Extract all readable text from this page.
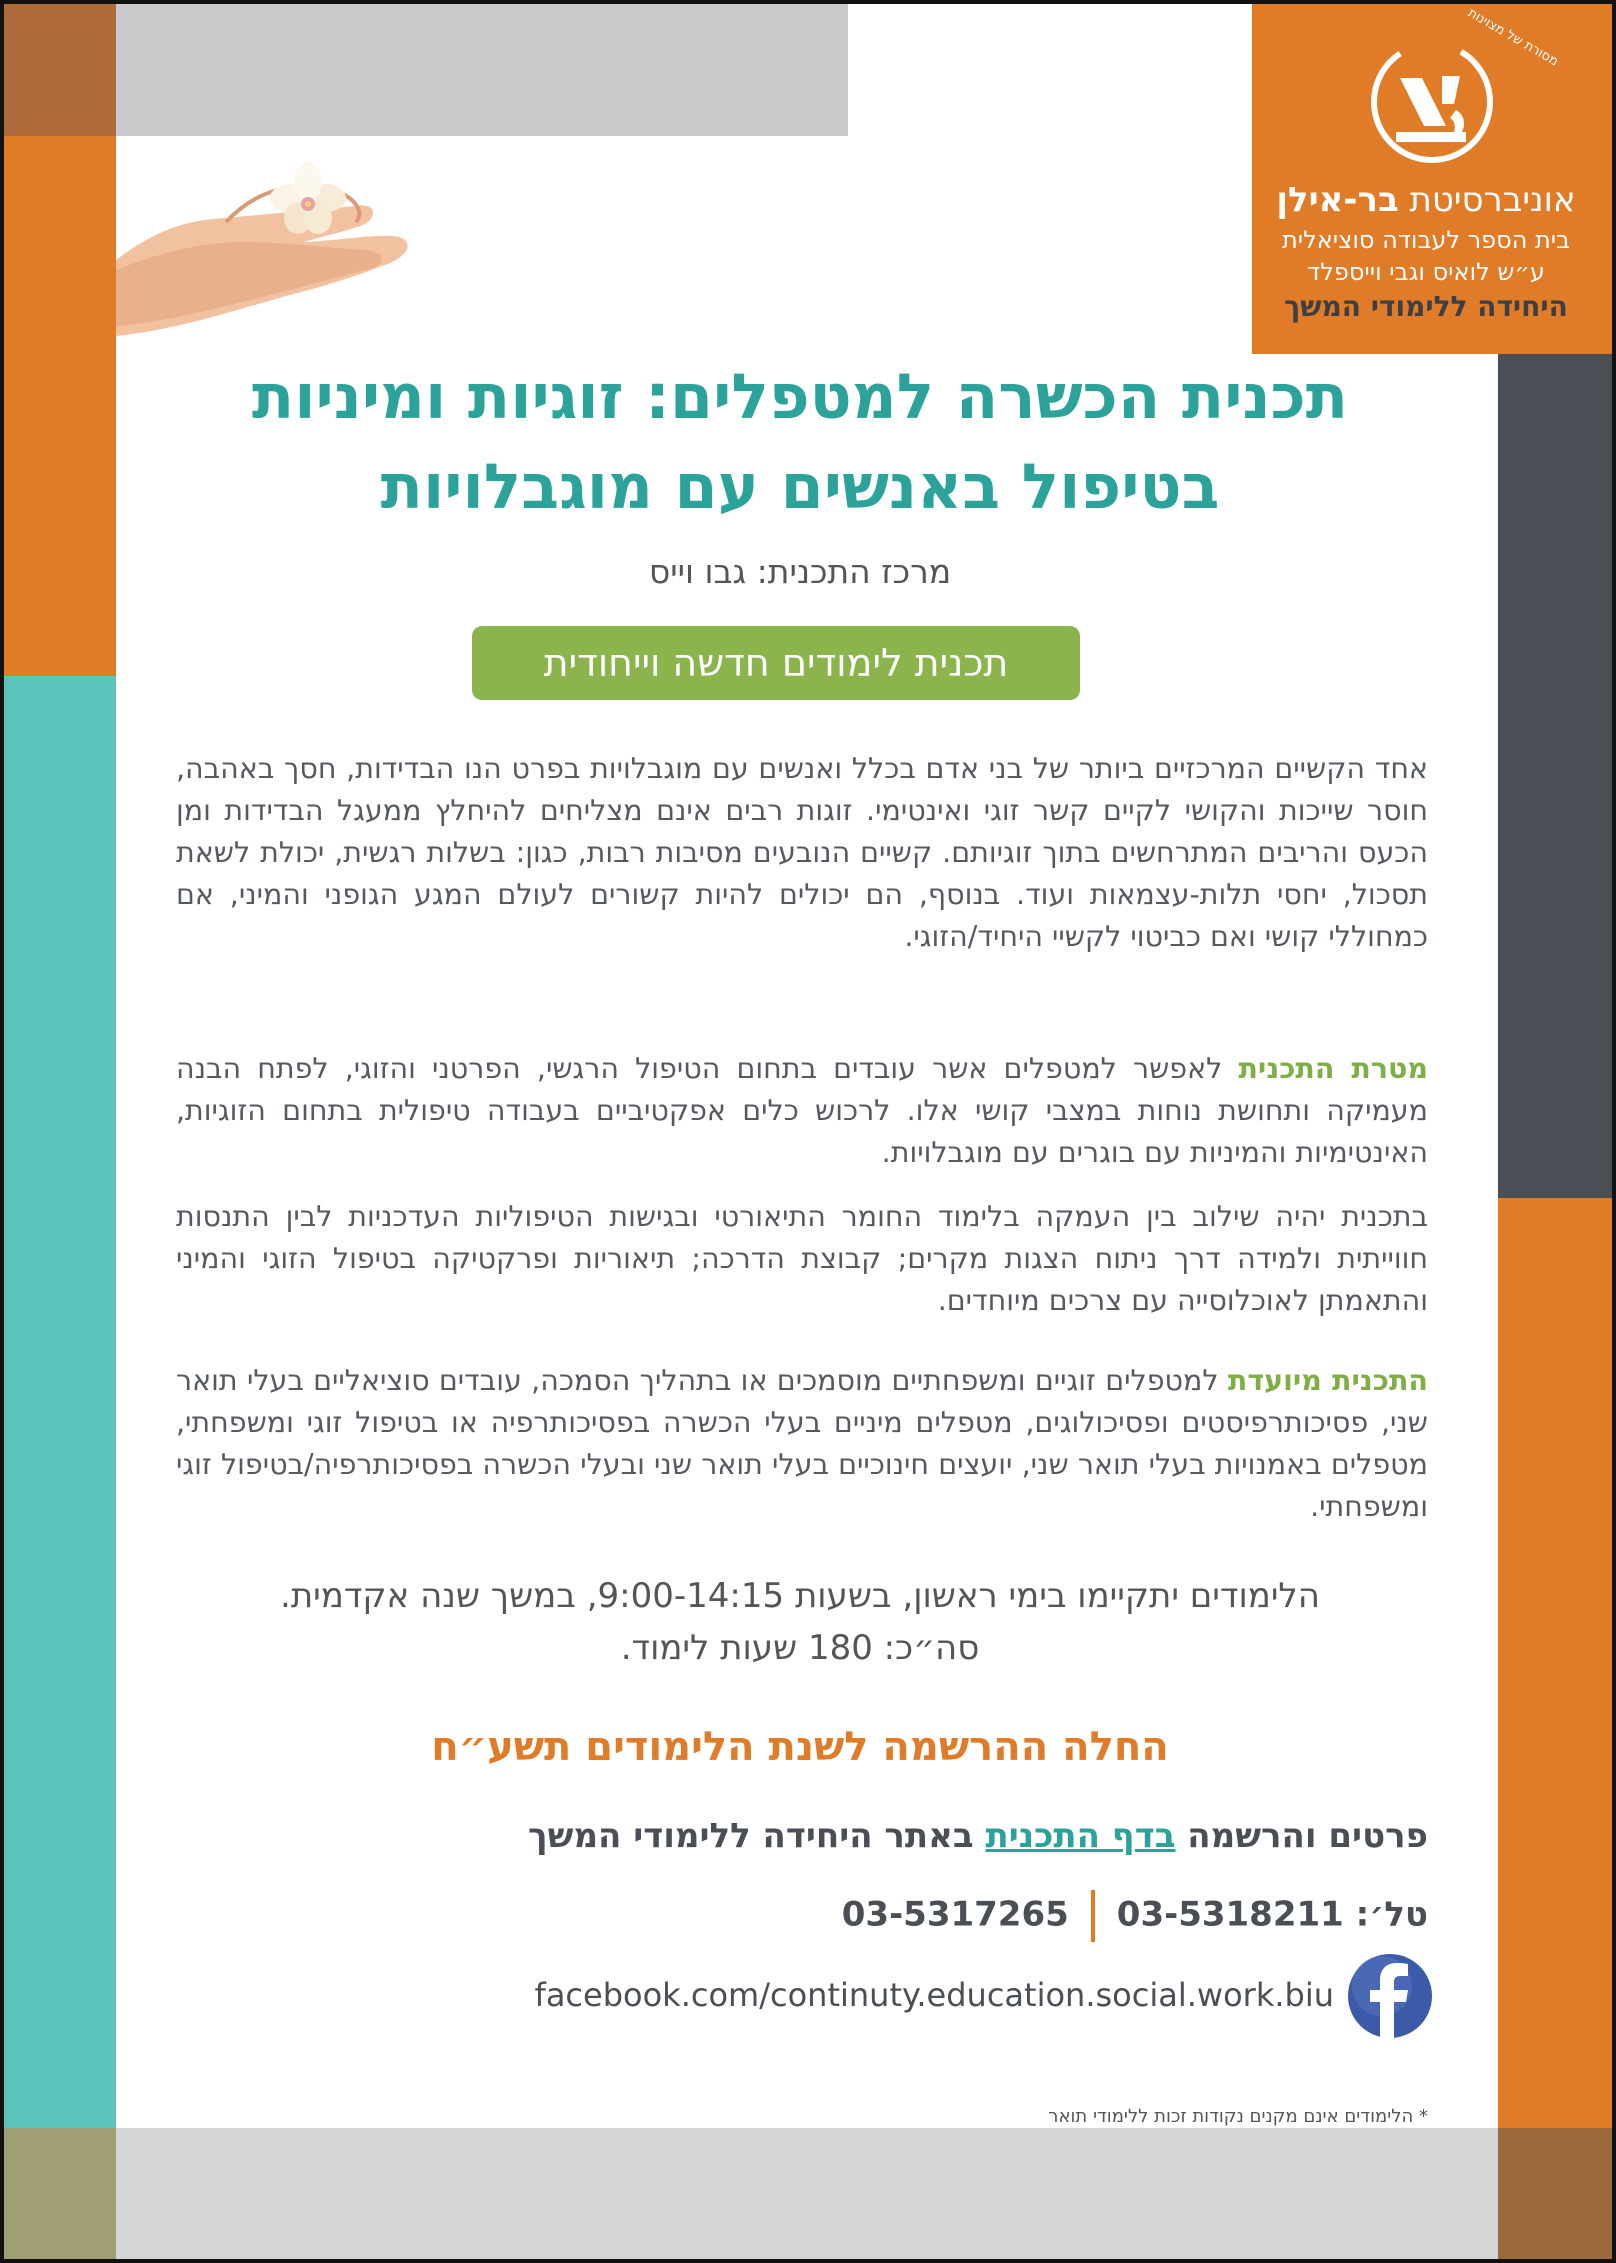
מסורת של מצוינות
אוניברסיטת בר-אילן
בית הספר לעבודה סוציאלית
ע״ש לואיס וגבי וייספלד
היחידה ללימודי המשך
תכנית הכשרה למטפלים: זוגיות ומיניות
בטיפול באנשים עם מוגבלויות
מרכז התכנית: גבו וייס
תכנית לימודים חדשה וייחודית
אחד הקשיים המרכזיים ביותר של בני אדם בכלל ואנשים עם מוגבלויות בפרט הנו הבדידות, חסך באהבה, חוסר שייכות והקושי לקיים קשר זוגי ואינטימי. זוגות רבים אינם מצליחים להיחלץ ממעגל הבדידות ומן הכעס והריבים המתרחשים בתוך זוגיותם. קשיים הנובעים מסיבות רבות, כגון: בשלות רגשית, יכולת לשאת תסכול, יחסי תלות-עצמאות ועוד. בנוסף, הם יכולים להיות קשורים לעולם המגע הגופני והמיני, אם כמחוללי קושי ואם כביטוי לקשיי היחיד/הזוגי.
מטרת התכנית לאפשר למטפלים אשר עובדים בתחום הטיפול הרגשי, הפרטני והזוגי, לפתח הבנה מעמיקה ותחושת נוחות במצבי קושי אלו. לרכוש כלים אפקטיביים בעבודה טיפולית בתחום הזוגיות, האינטימיות והמיניות עם בוגרים עם מוגבלויות.
בתכנית יהיה שילוב בין העמקה בלימוד החומר התיאורטי ובגישות הטיפוליות העדכניות לבין התנסות חווייתית ולמידה דרך ניתוח הצגות מקרים; קבוצת הדרכה; תיאוריות ופרקטיקה בטיפול הזוגי והמיני והתאמתן לאוכלוסייה עם צרכים מיוחדים.
התכנית מיועדת למטפלים זוגיים ומשפחתיים מוסמכים או בתהליך הסמכה, עובדים סוציאליים בעלי תואר שני, פסיכותרפיסטים ופסיכולוגים, מטפלים מיניים בעלי הכשרה בפסיכותרפיה או בטיפול זוגי ומשפחתי, מטפלים באמנויות בעלי תואר שני, יועצים חינוכיים בעלי תואר שני ובעלי הכשרה בפסיכותרפיה/בטיפול זוגי ומשפחתי.
הלימודים יתקיימו בימי ראשון, בשעות 9:00-14:15, במשך שנה אקדמית.
סה״כ: 180 שעות לימוד.
החלה ההרשמה לשנת הלימודים תשע״ח
פרטים והרשמה בדף התכנית באתר היחידה ללימודי המשך
טל׳: 03-531821103-5317265
facebook.com/continuty.education.social.work.biu
* הלימודים אינם מקנים נקודות זכות ללימודי תואר
